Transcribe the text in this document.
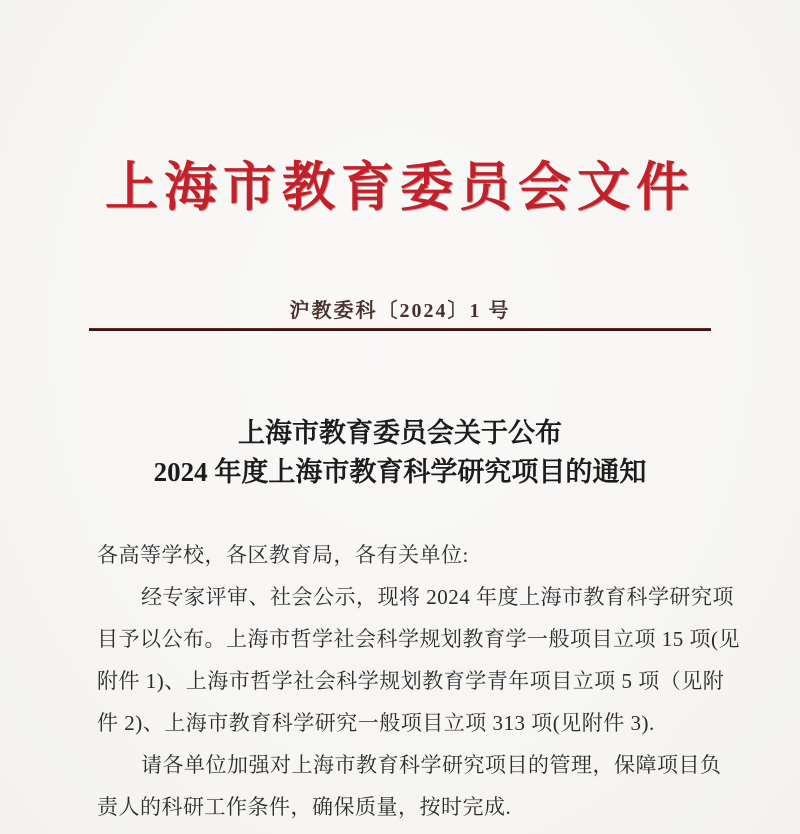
上海市教育委员会文件
沪教委科〔2024〕1 号
上海市教育委员会关于公布
2024 年度上海市教育科学研究项目的通知
各高等学校，各区教育局，各有关单位:
经专家评审、社会公示，现将 2024 年度上海市教育科学研究项
目予以公布。上海市哲学社会科学规划教育学一般项目立项 15 项(见
附件 1)、上海市哲学社会科学规划教育学青年项目立项 5 项（见附
件 2)、上海市教育科学研究一般项目立项 313 项(见附件 3).
请各单位加强对上海市教育科学研究项目的管理，保障项目负
责人的科研工作条件，确保质量，按时完成.
